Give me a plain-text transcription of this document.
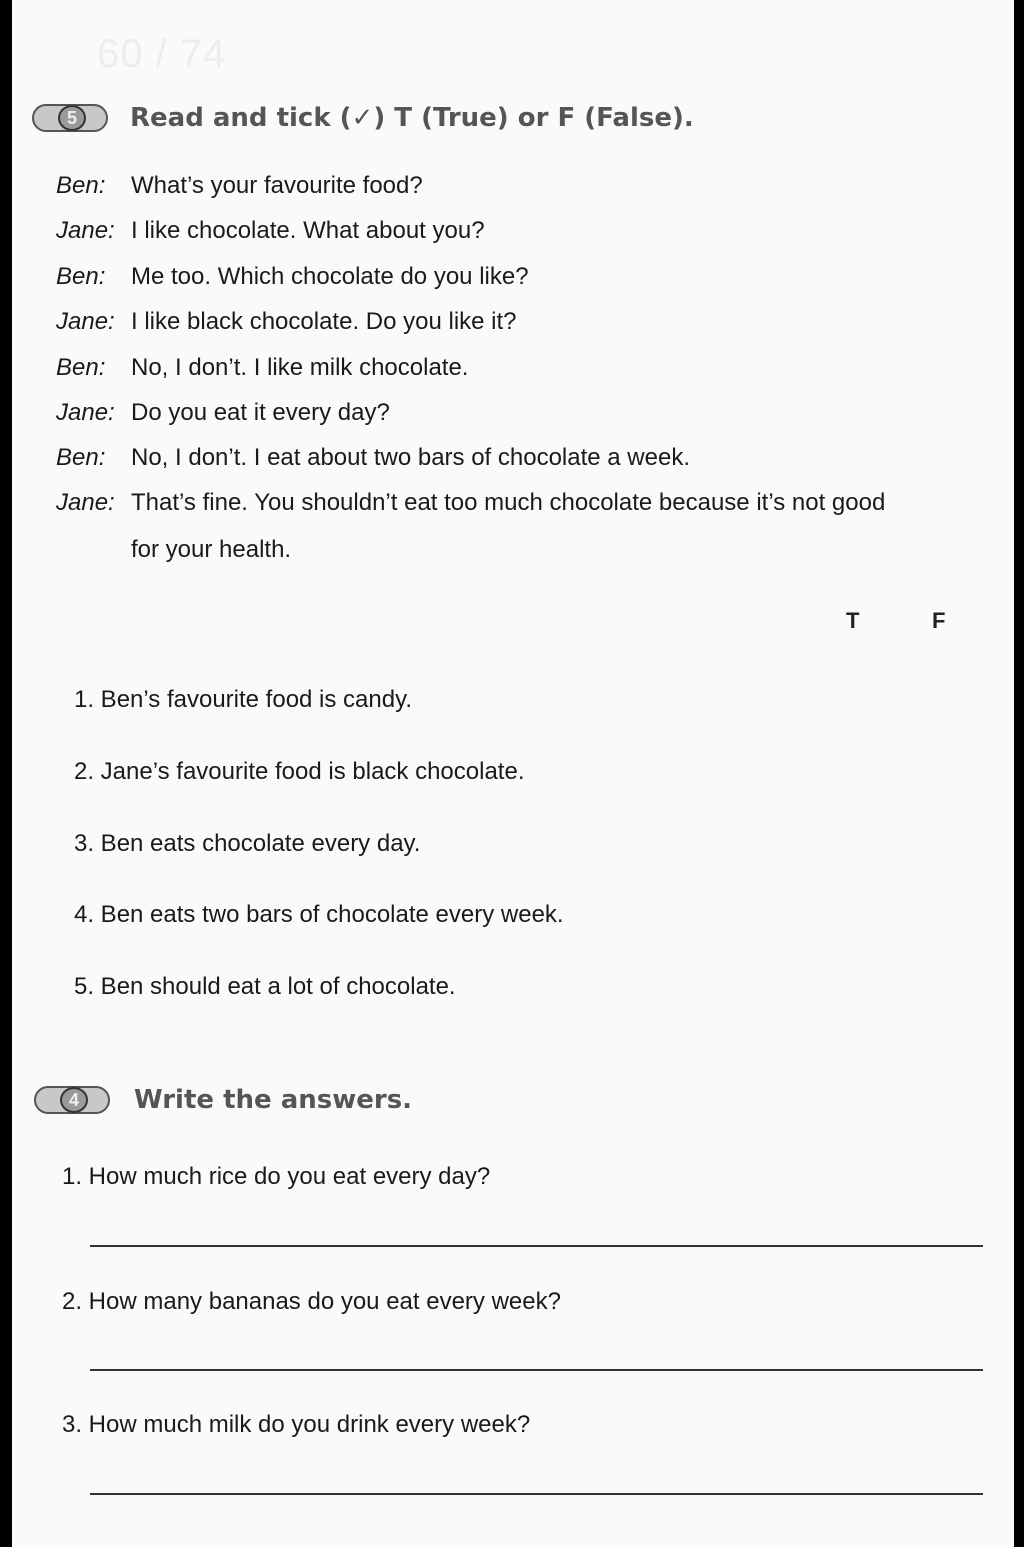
60 / 74
5	Read and tick (✓) T (True) or F (False).
Ben: What’s your favourite food?
Jane: I like chocolate. What about you?
Ben: Me too. Which chocolate do you like?
Jane: I like black chocolate. Do you like it?
Ben: No, I don’t. I like milk chocolate.
Jane: Do you eat it every day?
Ben: No, I don’t. I eat about two bars of chocolate a week.
Jane: That’s fine. You shouldn’t eat too much chocolate because it’s not good
for your health.
T	F
1. Ben’s favourite food is candy.
2. Jane’s favourite food is black chocolate.
3. Ben eats chocolate every day.
4. Ben eats two bars of chocolate every week.
5. Ben should eat a lot of chocolate.
4	Write the answers.
1. How much rice do you eat every day?
2. How many bananas do you eat every week?
3. How much milk do you drink every week?
